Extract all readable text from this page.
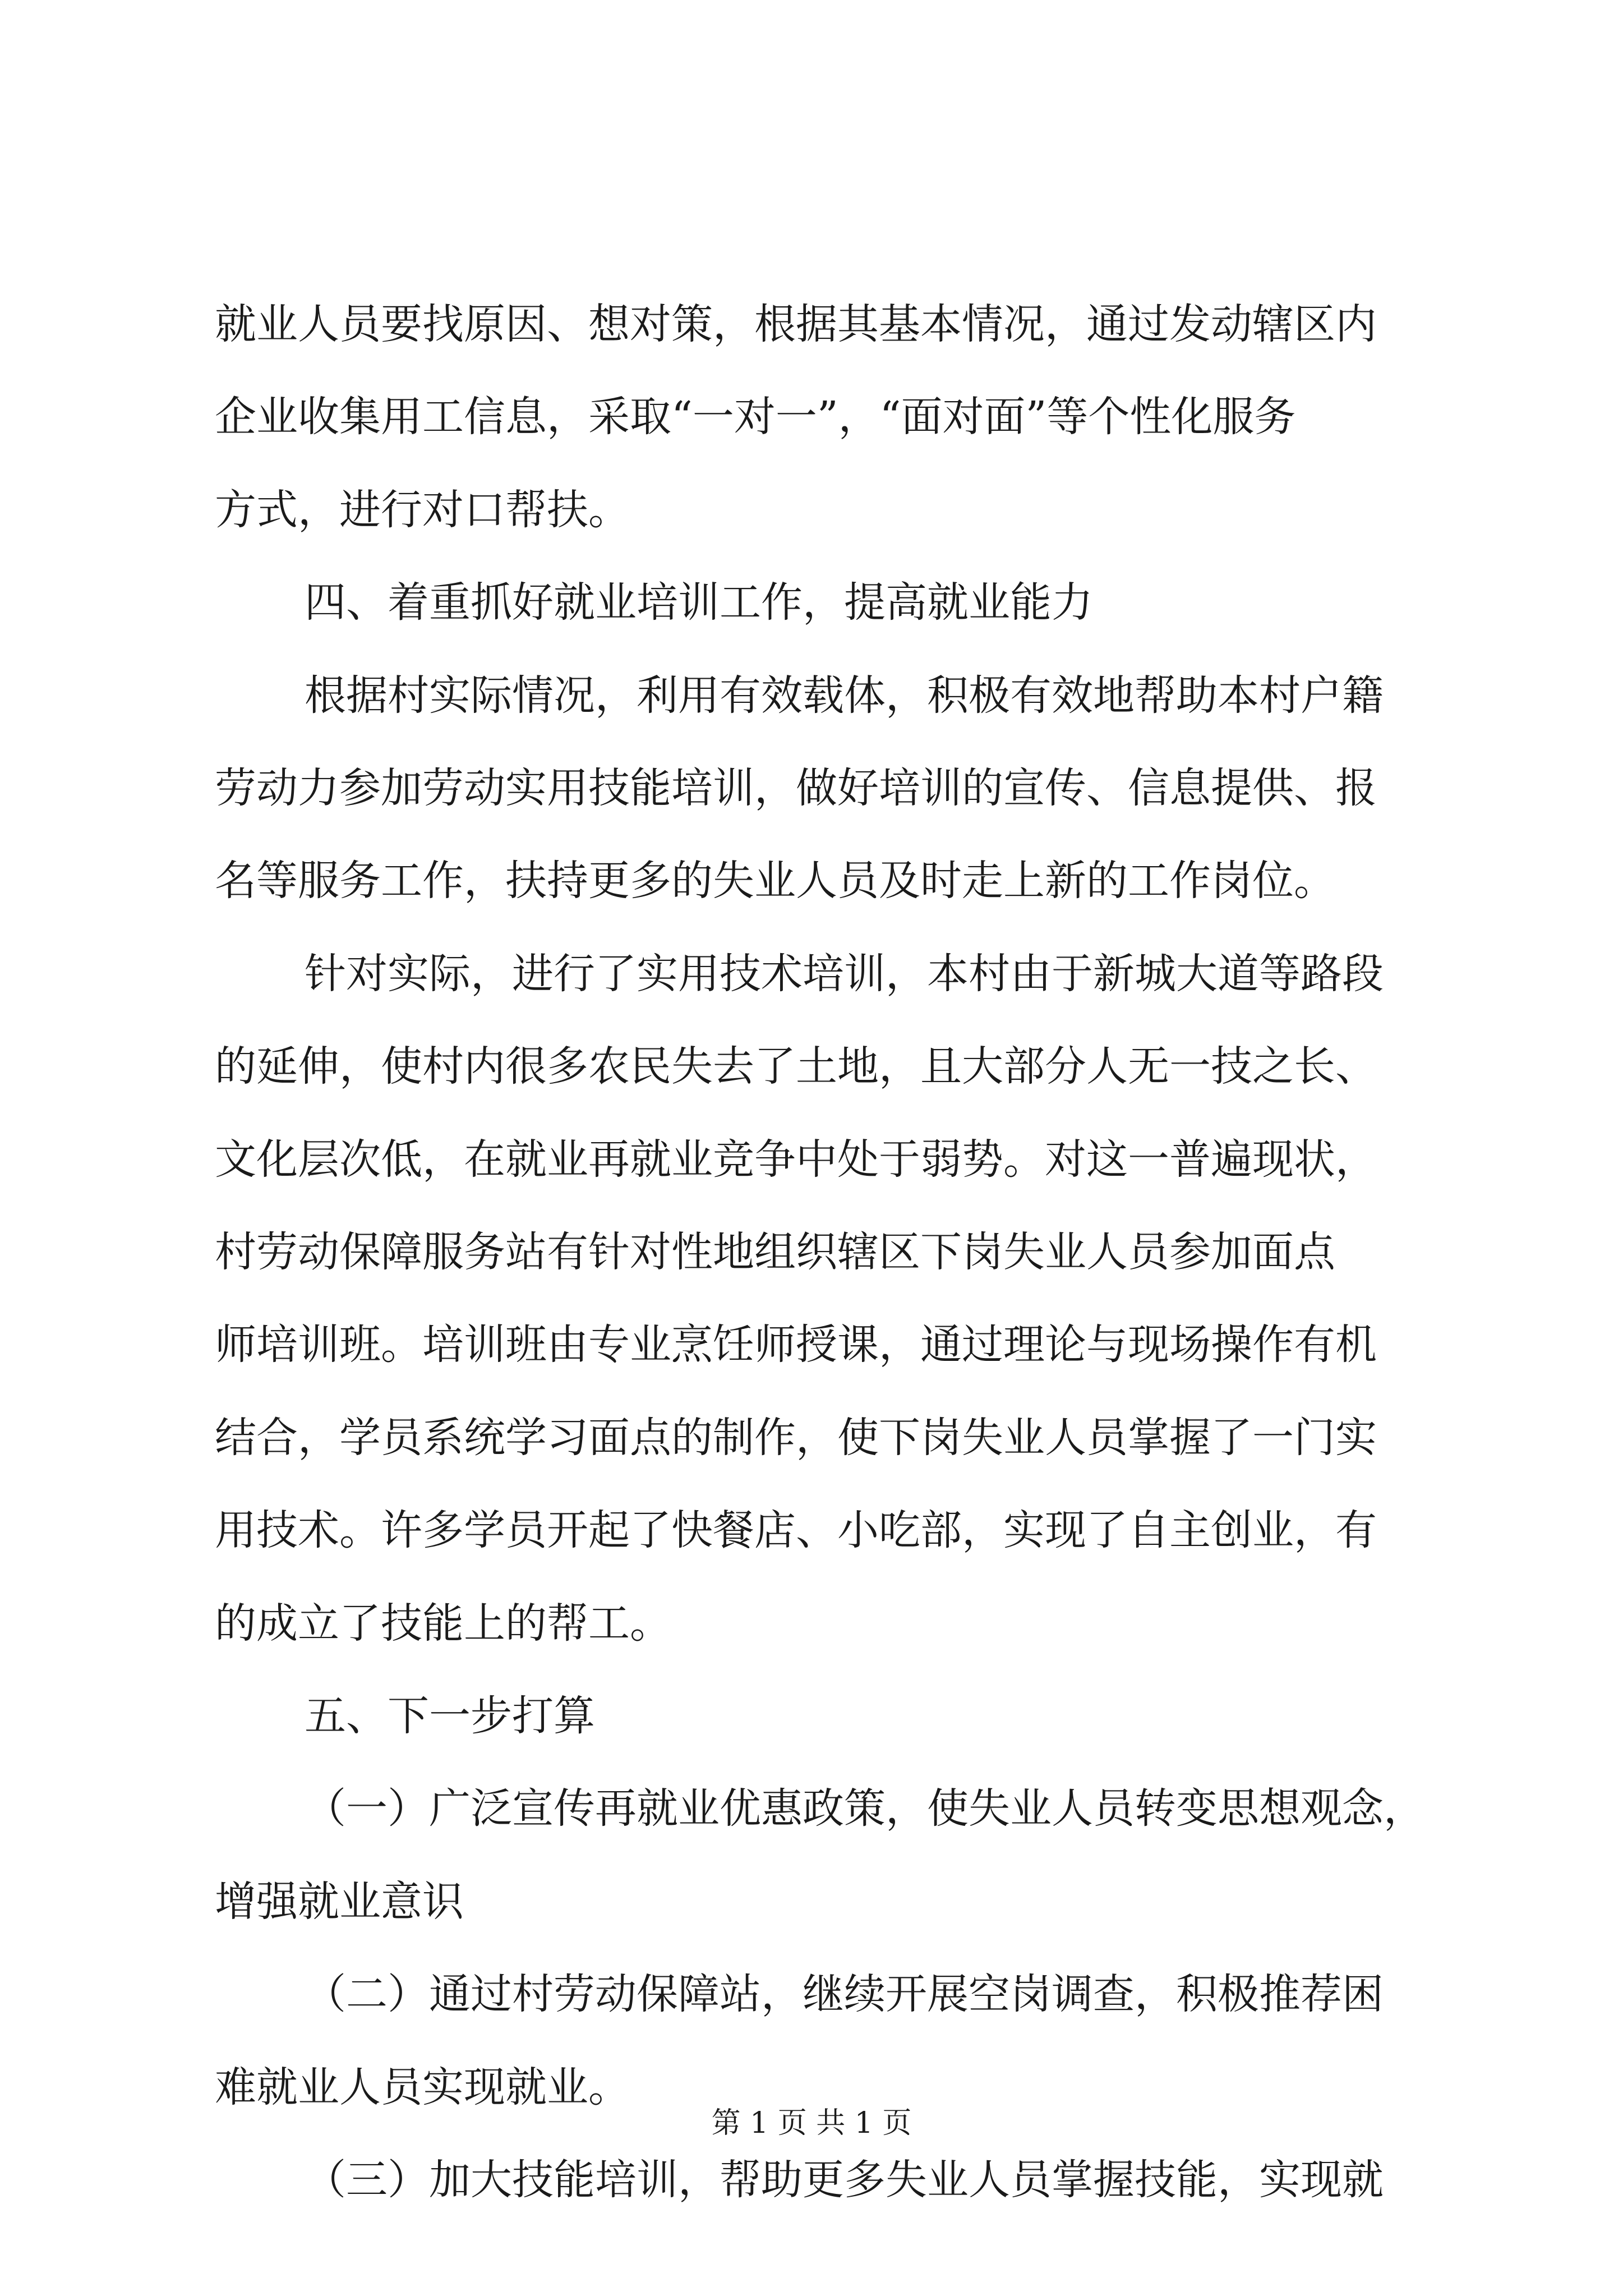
就业人员要找原因、想对策，根据其基本情况，通过发动辖区内
企业收集用工信息，采取“一对一”，“面对面”等个性化服务
方式，进行对口帮扶。
四、着重抓好就业培训工作，提高就业能力
根据村实际情况，利用有效载体，积极有效地帮助本村户籍
劳动力参加劳动实用技能培训，做好培训的宣传、信息提供、报
名等服务工作，扶持更多的失业人员及时走上新的工作岗位。
针对实际，进行了实用技术培训，本村由于新城大道等路段
的延伸，使村内很多农民失去了土地，且大部分人无一技之长、
文化层次低，在就业再就业竞争中处于弱势。对这一普遍现状，
村劳动保障服务站有针对性地组织辖区下岗失业人员参加面点
师培训班。培训班由专业烹饪师授课，通过理论与现场操作有机
结合，学员系统学习面点的制作，使下岗失业人员掌握了一门实
用技术。许多学员开起了快餐店、小吃部，实现了自主创业，有
的成立了技能上的帮工。
五、下一步打算
（一）广泛宣传再就业优惠政策，使失业人员转变思想观念，
增强就业意识
（二）通过村劳动保障站，继续开展空岗调查，积极推荐困
难就业人员实现就业。
（三）加大技能培训，帮助更多失业人员掌握技能，实现就
第 1 页 共 1 页
